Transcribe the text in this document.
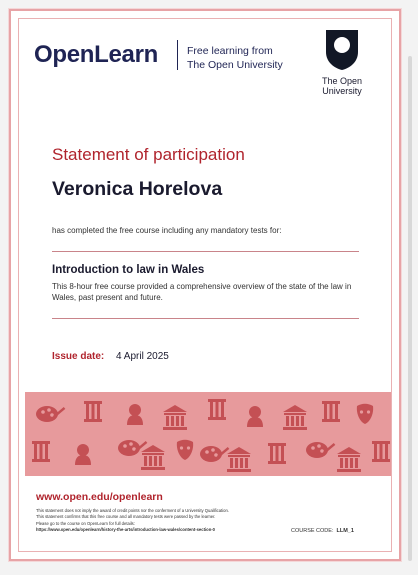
OpenLearn	Free learning from
The Open University
The Open
University
Statement of participation
Veronica Horelova
has completed the free course including any mandatory tests for:
Introduction to law in Wales
This 8-hour free course provided a comprehensive overview of the state of the law in Wales, past present and future.
Issue date: 4 April 2025
www.open.edu/openlearn
This statement does not imply the award of credit points nor the conferment of a University Qualification.
This statement confirms that this free course and all mandatory tests were passed by the learner.
Please go to the course on OpenLearn for full details:
https://www.open.edu/openlearn/history-the-arts/introduction-law-wales/content-section-0	COURSE CODE: LLM_1
